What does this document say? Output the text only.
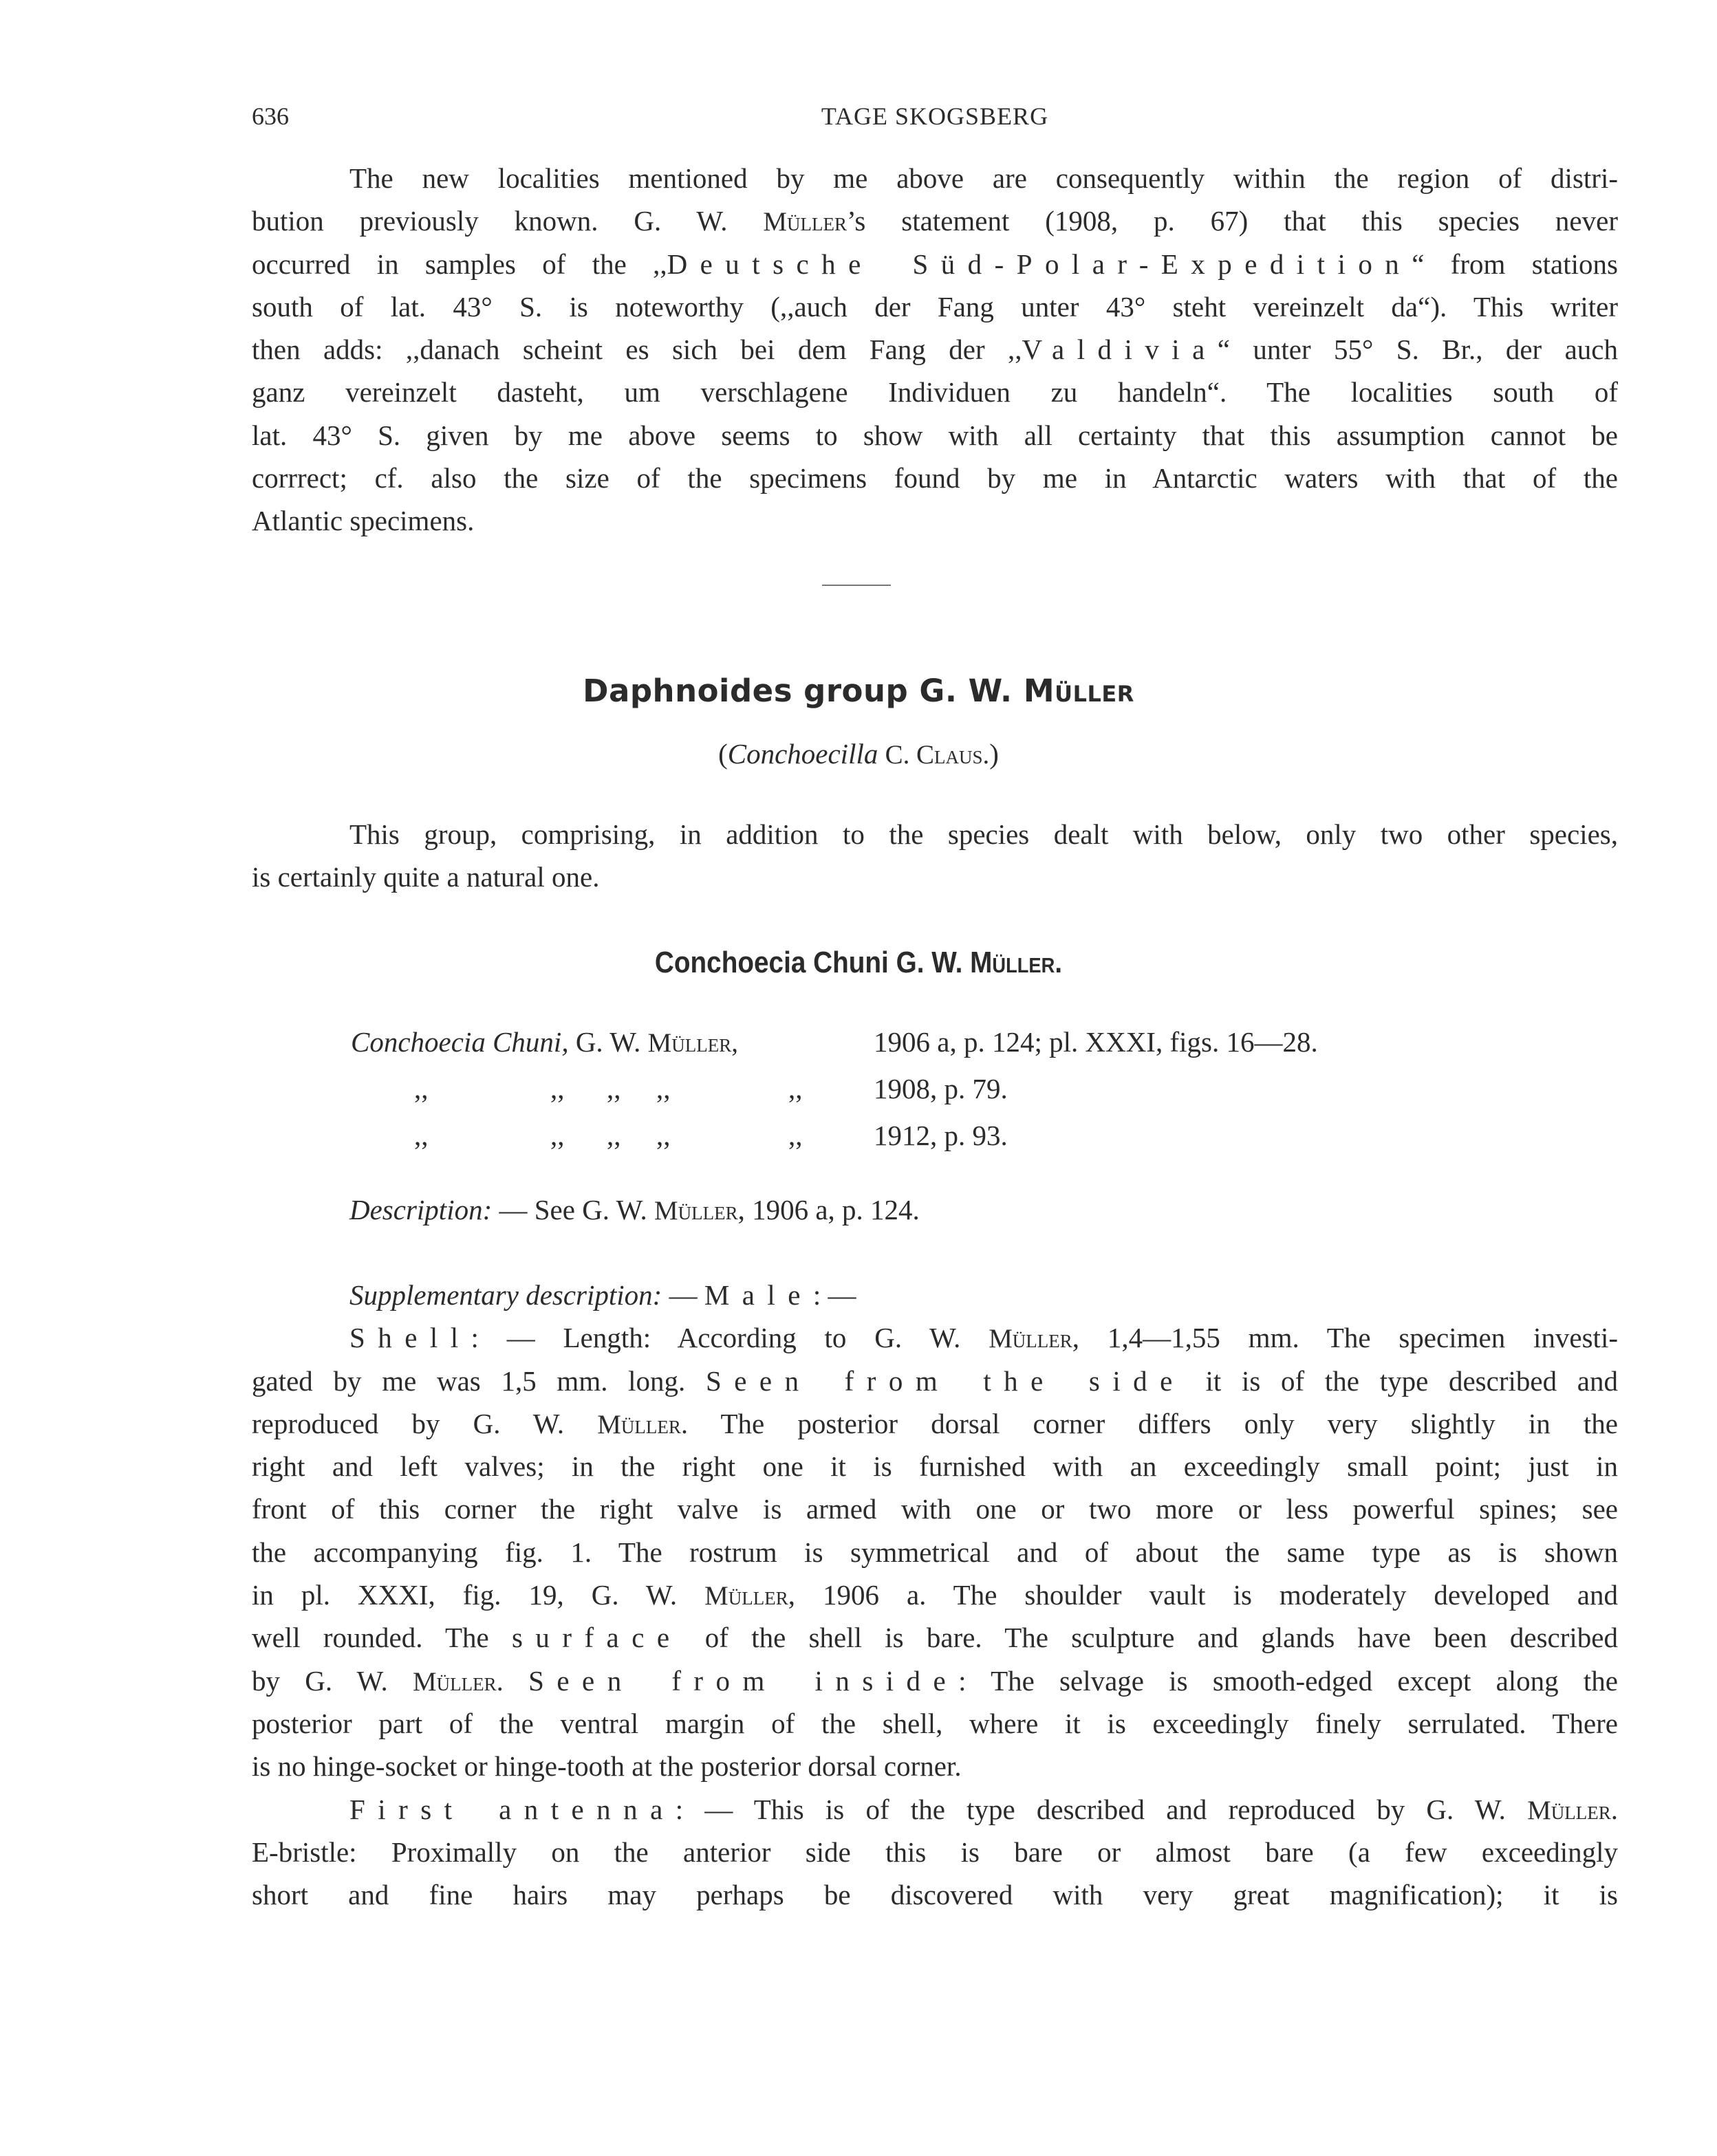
636	TAGE SKOGSBERG
The new localities mentioned by me above are consequently within the region of distri-
bution previously known. G. W. Müller’s statement (1908, p. 67) that this species never
occurred in samples of the ,,Deutsche Süd-Polar-Expedition“ from stations
south of lat. 43° S. is noteworthy (,,auch der Fang unter 43° steht vereinzelt da“). This writer
then adds: ,,danach scheint es sich bei dem Fang der ,,Valdivia“ unter 55° S. Br., der auch
ganz vereinzelt dasteht, um verschlagene Individuen zu handeln“. The localities south of
lat. 43° S. given by me above seems to show with all certainty that this assumption cannot be
corrrect; cf. also the size of the specimens found by me in Antarctic waters with that of the
Atlantic specimens.
Daphnoides group G. W. Müller
(Conchoecilla C. Claus.)
This group, comprising, in addition to the species dealt with below, only two other species,
is certainly quite a natural one.
Conchoecia Chuni G. W. Müller.
Conchoecia Chuni, G. W. Müller,	1906 a, p. 124; pl. XXXI, figs. 16—28.
,,	,, ,, ,,	,,	1908, p. 79.
,,	,, ,, ,,	,,	1912, p. 93.
Description: — See G. W. Müller, 1906 a, p. 124.
Supplementary description: — Male: —
Shell: — Length: According to G. W. Müller, 1,4—1,55 mm. The specimen investi-
gated by me was 1,5 mm. long. Seen from the side it is of the type described and
reproduced by G. W. Müller. The posterior dorsal corner differs only very slightly in the
right and left valves; in the right one it is furnished with an exceedingly small point; just in
front of this corner the right valve is armed with one or two more or less powerful spines; see
the accompanying fig. 1. The rostrum is symmetrical and of about the same type as is shown
in pl. XXXI, fig. 19, G. W. Müller, 1906 a. The shoulder vault is moderately developed and
well rounded. The surface of the shell is bare. The sculpture and glands have been described
by G. W. Müller. Seen from inside: The selvage is smooth-edged except along the
posterior part of the ventral margin of the shell, where it is exceedingly finely serrulated. There
is no hinge-socket or hinge-tooth at the posterior dorsal corner.
First antenna: — This is of the type described and reproduced by G. W. Müller.
E-bristle: Proximally on the anterior side this is bare or almost bare (a few exceedingly
short and fine hairs may perhaps be discovered with very great magnification); it is
